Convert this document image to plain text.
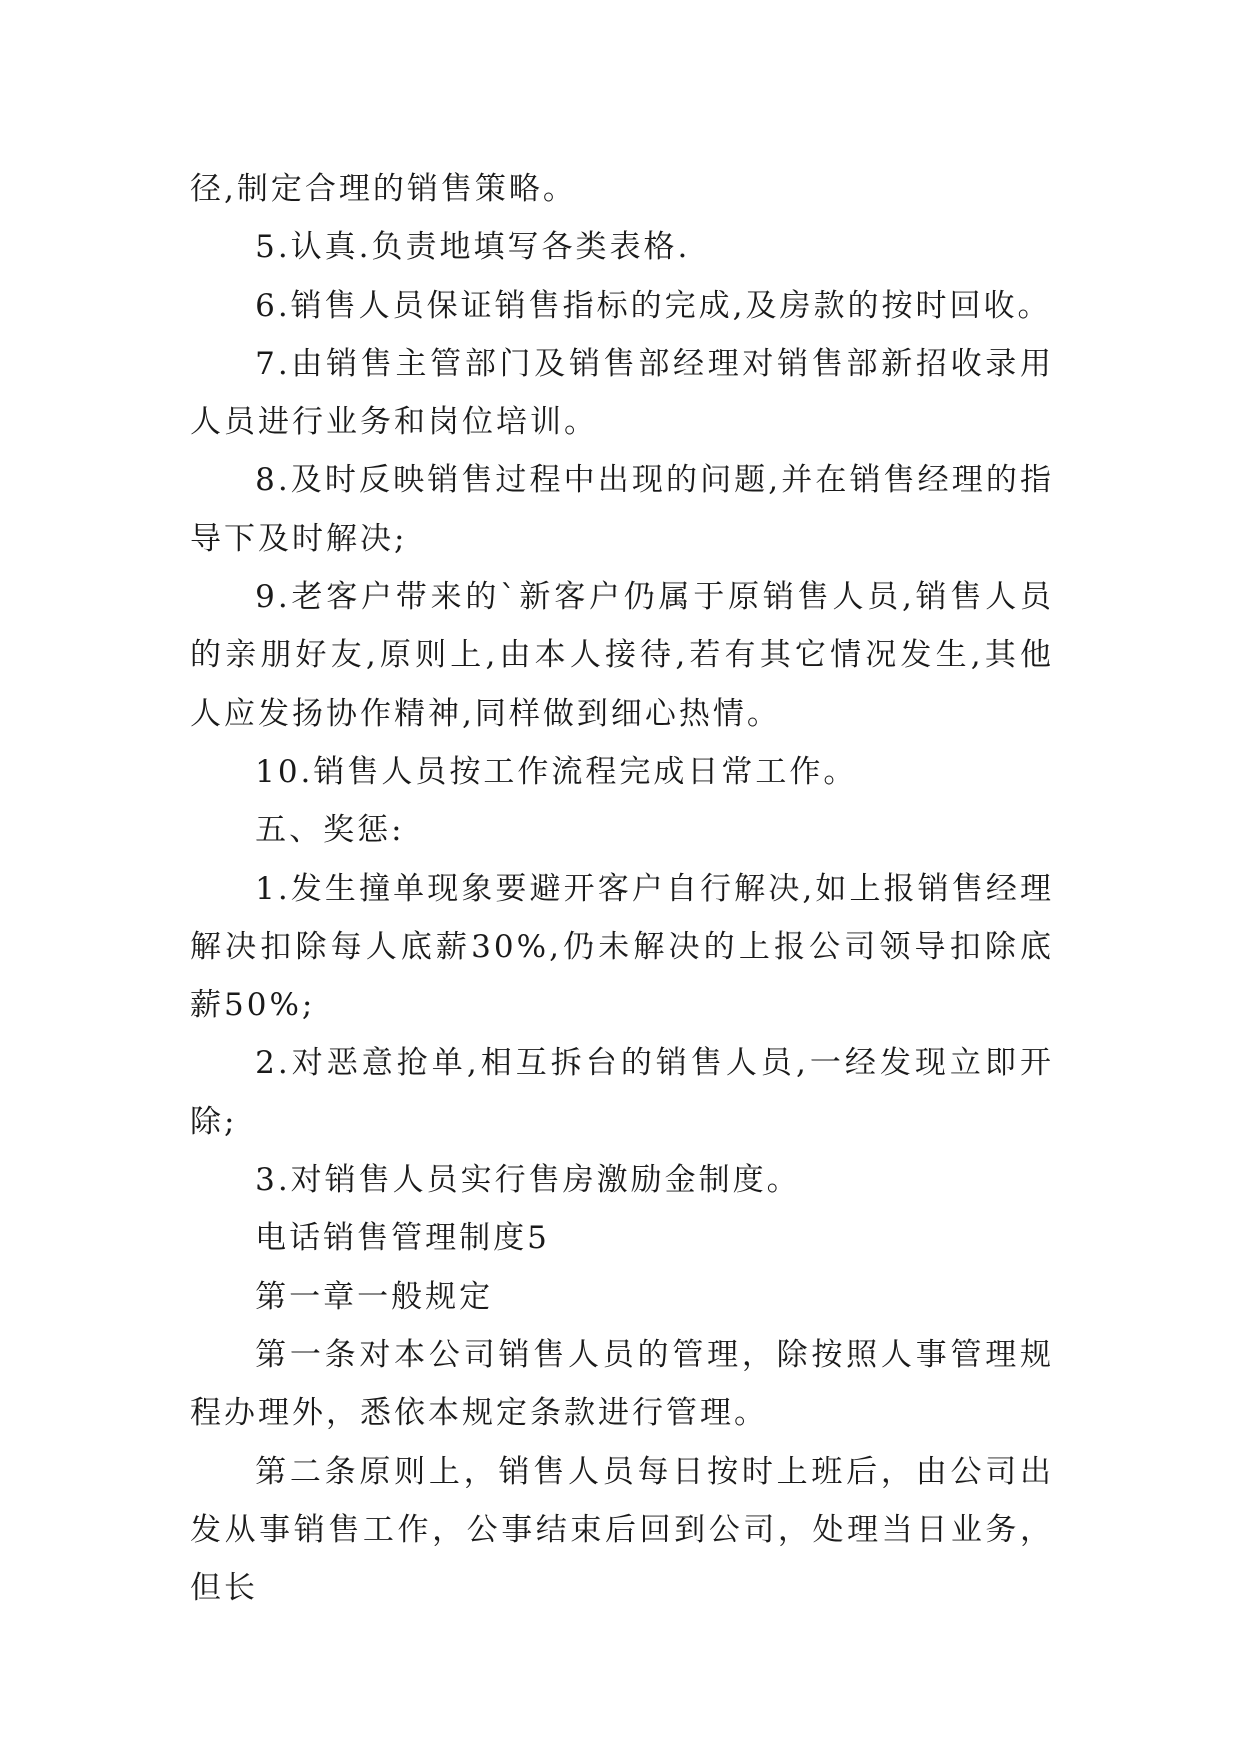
径,制定合理的销售策略。

5.认真.负责地填写各类表格.

6.销售人员保证销售指标的完成,及房款的按时回收。

7.由销售主管部门及销售部经理对销售部新招收录用人员进行业务和岗位培训。

8.及时反映销售过程中出现的问题,并在销售经理的指导下及时解决;

9.老客户带来的`新客户仍属于原销售人员,销售人员的亲朋好友,原则上,由本人接待,若有其它情况发生,其他人应发扬协作精神,同样做到细心热情。

10.销售人员按工作流程完成日常工作。

五、奖惩:

1.发生撞单现象要避开客户自行解决,如上报销售经理解决扣除每人底薪30%,仍未解决的上报公司领导扣除底薪50%;

2.对恶意抢单,相互拆台的销售人员,一经发现立即开除;

3.对销售人员实行售房激励金制度。

电话销售管理制度5

第一章一般规定

第一条对本公司销售人员的管理，除按照人事管理规程办理外，悉依本规定条款进行管理。

第二条原则上，销售人员每日按时上班后，由公司出发从事销售工作，公事结束后回到公司，处理当日业务，但长
